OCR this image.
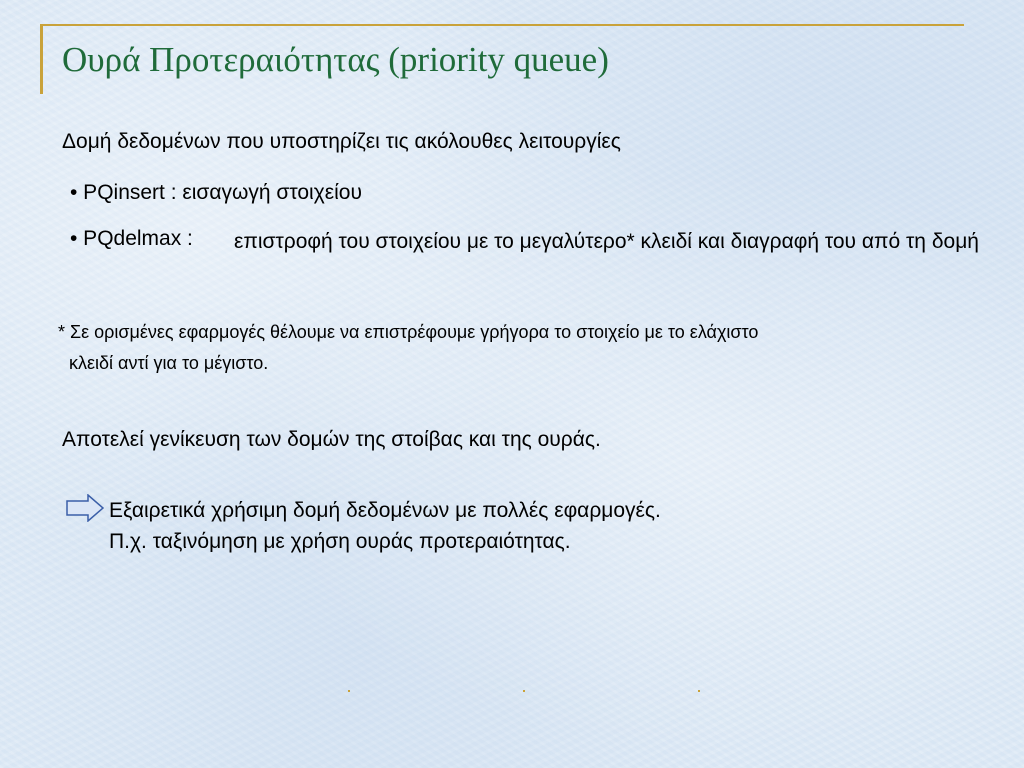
Ουρά Προτεραιότητας (priority queue)
Δομή δεδομένων που υποστηρίζει τις ακόλουθες λειτουργίες
• PQinsert : εισαγωγή στοιχείου
• PQdelmax : επιστροφή του στοιχείου με το μεγαλύτερο* κλειδί και διαγραφή του από τη δομή
* Σε ορισμένες εφαρμογές θέλουμε να επιστρέφουμε γρήγορα το στοιχείο με το ελάχιστο
κλειδί αντί για το μέγιστο.
Αποτελεί γενίκευση των δομών της στοίβας και της ουράς.
Εξαιρετικά χρήσιμη δομή δεδομένων με πολλές εφαρμογές.
Π.χ. ταξινόμηση με χρήση ουράς προτεραιότητας.
